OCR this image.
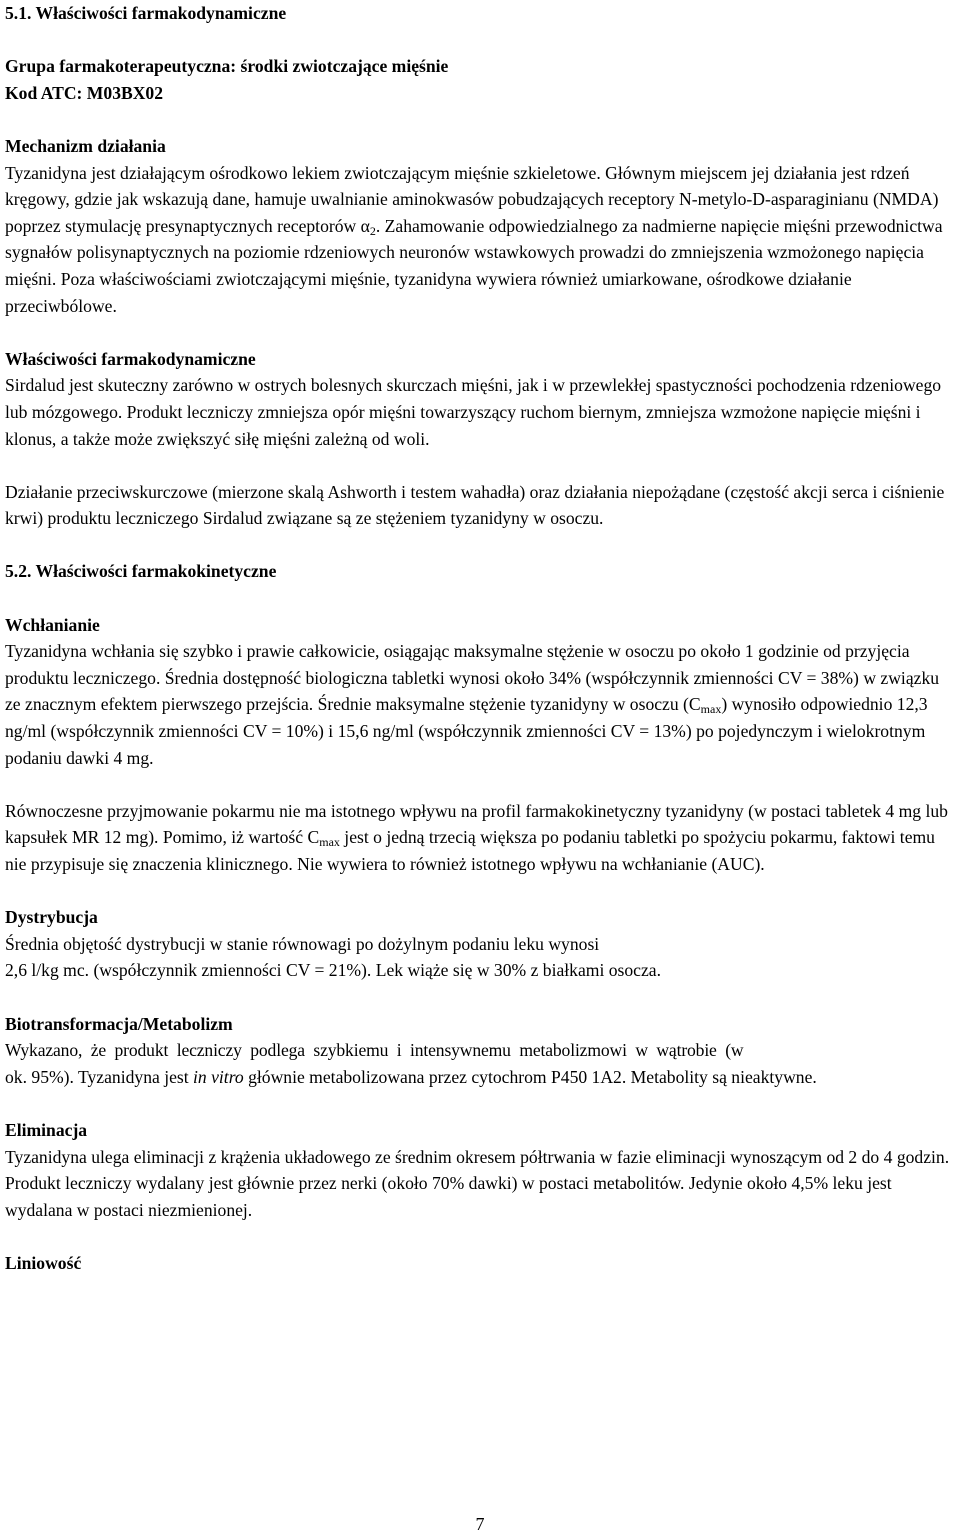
5.1. Właściwości farmakodynamiczne

Grupa farmakoterapeutyczna: środki zwiotczające mięśnie

Kod ATC: M03BX02

Mechanizm działania

Tyzanidyna jest działającym ośrodkowo lekiem zwiotczającym mięśnie szkieletowe. Głównym miejscem jej działania jest rdzeń kręgowy, gdzie jak wskazują dane, hamuje uwalnianie aminokwasów pobudzających receptory N-metylo-D-asparaginianu (NMDA) poprzez stymulację presynaptycznych receptorów $\alpha_2$. Zahamowanie odpowiedzialnego za nadmierne napięcie mięśni przewodnictwa sygnałów polisynaptycznych na poziomie rdzeniowych neuronów wstawkowych prowadzi do zmniejszenia wzmożonego napięcia mięśni. Poza właściwościami zwiotczającymi mięśnie, tyzanidyna wywiera również umiarkowane, ośrodkowe działanie przeciwbólowe.

Właściwości farmakodynamiczne

Sirdalud jest skuteczny zarówno w ostrych bolesnych skurczach mięśni, jak i w przewlekłej spastyczności pochodzenia rdzeniowego lub mózgowego. Produkt leczniczy zmniejsza opór mięśni towarzyszący ruchom biernym, zmniejsza wzmożone napięcie mięśni i klonus, a także może zwiększyć siłę mięśni zależną od woli.

Działanie przeciwskurczowe (mierzone skalą Ashworth i testem wahadła) oraz działania niepożądane (częstość akcji serca i ciśnienie krwi) produktu leczniczego Sirdalud związane są ze stężeniem tyzanidyny w osoczu.

5.2. Właściwości farmakokinetyczne

Wchłanianie

Tyzanidyna wchłania się szybko i prawie całkowicie, osiągając maksymalne stężenie w osoczu po około 1 godzinie od przyjęcia produktu leczniczego. Średnia dostępność biologiczna tabletki wynosi około 34% (współczynnik zmienności CV = 38%) w związku ze znacznym efektem pierwszego przejścia. Średnie maksymalne stężenie tyzanidyny w osoczu $(C_{max})$ wynosiło odpowiednio 12,3 ng/ml (współczynnik zmienności CV = 10%) i 15,6 ng/ml (współczynnik zmienności CV = 13%) po pojedynczym i wielokrotnym podaniu dawki 4 mg.

Równoczesne przyjmowanie pokarmu nie ma istotnego wpływu na profil farmakokinetyczny tyzanidyny (w postaci tabletek 4 mg lub kapsułek MR 12 mg). Pomimo, iż wartość $C_{max}$ jest o jedną trzecią większa po podaniu tabletki po spożyciu pokarmu, faktowi temu nie przypisuje się znaczenia klinicznego. Nie wywiera to również istotnego wpływu na wchłanianie (AUC).

Dystrybucja

Średnia objętość dystrybucji w stanie równowagi po dożylnym podaniu leku wynosi

2,6 l/kg mc. (współczynnik zmienności CV = 21%). Lek wiąże się w 30% z białkami osocza.

Biotransformacja/Metabolizm

Wykazano,  że  produkt  leczniczy  podlega  szybkiemu  i  intensywnemu  metabolizmowi  w  wątrobie  (w

ok. 95%). Tyzanidyna jest in vitro głównie metabolizowana przez cytochrom P450 1A2. Metabolity są nieaktywne.

Eliminacja

Tyzanidyna ulega eliminacji z krążenia układowego ze średnim okresem półtrwania w fazie eliminacji wynoszącym od 2 do 4 godzin. Produkt leczniczy wydalany jest głównie przez nerki (około 70% dawki) w postaci metabolitów. Jedynie około 4,5% leku jest wydalana w postaci niezmienionej.

Liniowość

7
